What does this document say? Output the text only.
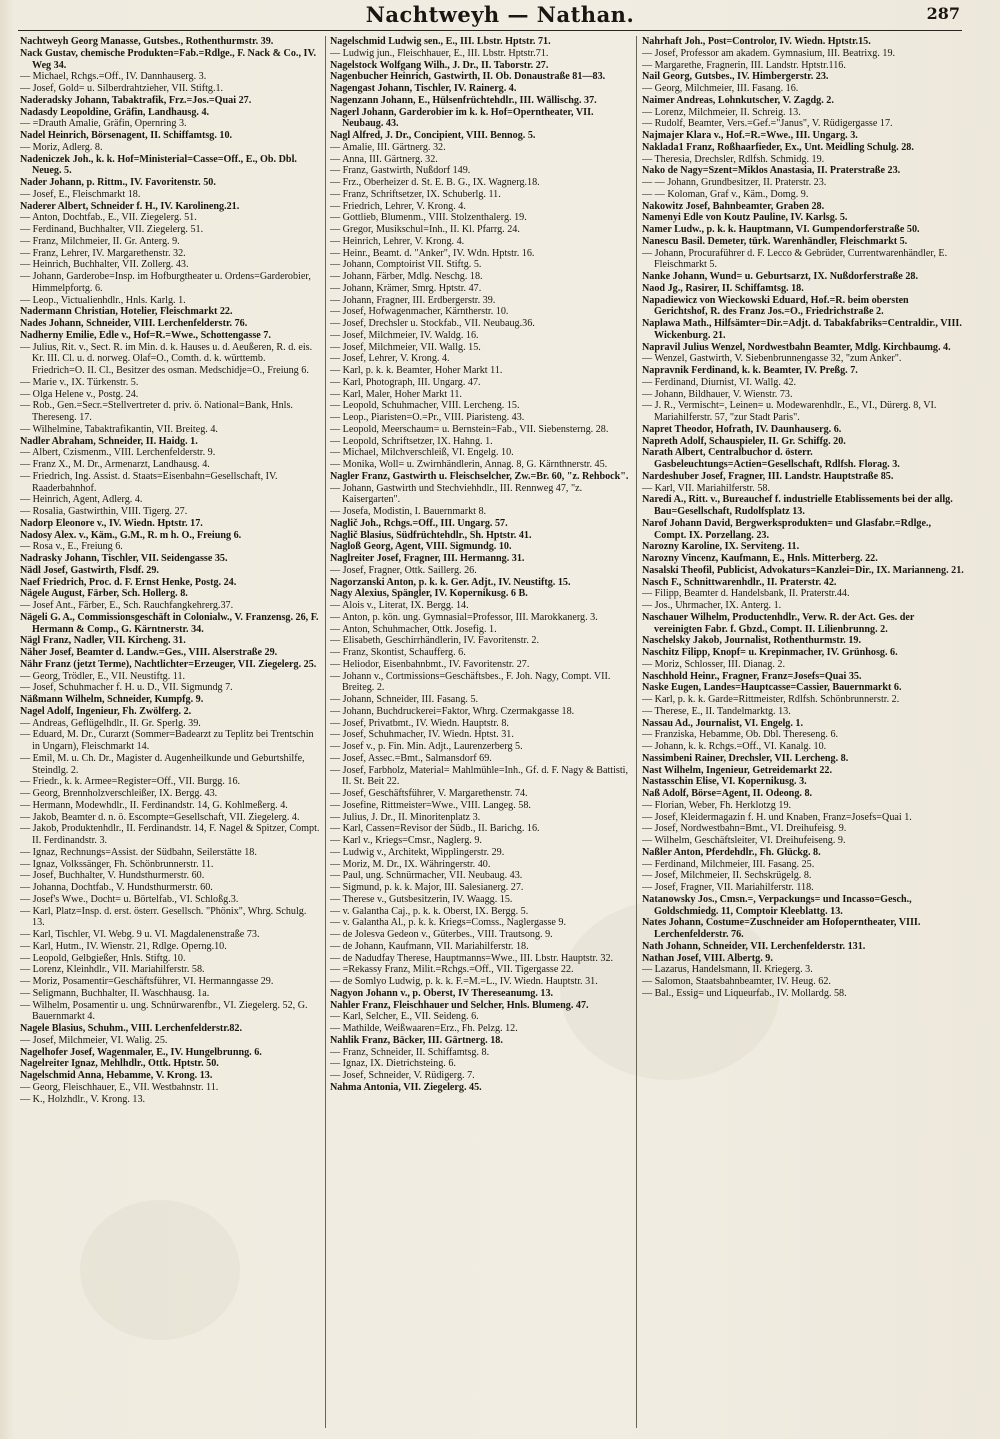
Nachtweyh — Nathan.	287

Nachtweyh Georg Manasse, Gutsbes., Rothenthurmstr. 39.

Nack Gustav, chemische Produkten=Fab.=Rdlge., F. Nack & Co., IV. Weg 34.

— Michael, Rchgs.=Off., IV. Dannhauserg. 3.

— Josef, Gold= u. Silberdrahtzieher, VII. Stiftg.1.

Naderadsky Johann, Tabaktrafik, Frz.=Jos.=Quai 27.

Nadasdy Leopoldine, Gräfin, Landhausg. 4.

— =Drauth Amalie, Gräfin, Opernring 3.

Nadel Heinrich, Börsenagent, II. Schiffamtsg. 10.

— Moriz, Adlerg. 8.

Nadeniczek Joh., k. k. Hof=Ministerial=Casse=Off., E., Ob. Dbl. Neueg. 5.

Nader Johann, p. Rittm., IV. Favoritenstr. 50.

— Josef, E., Fleischmarkt 18.

Naderer Albert, Schneider f. H., IV. Karolineng.21.

— Anton, Dochtfab., E., VII. Ziegelerg. 51.

— Ferdinand, Buchhalter, VII. Ziegelerg. 51.

— Franz, Milchmeier, II. Gr. Anterg. 9.

— Franz, Lehrer, IV. Margarethenstr. 32.

— Heinrich, Buchhalter, VII. Zollerg. 43.

— Johann, Garderobe=Insp. im Hofburgtheater u. Ordens=Garderobier, Himmelpfortg. 6.

— Leop., Victualienhdlr., Hnls. Karlg. 1.

Nadermann Christian, Hotelier, Fleischmarkt 22.

Nades Johann, Schneider, VIII. Lerchenfelderstr. 76.

Nadherny Emilie, Edle v., Hof=R.=Wwe., Schottengasse 7.

— Julius, Rit. v., Sect. R. im Min. d. k. Hauses u. d. Aeußeren, R. d. eis. Kr. III. Cl. u. d. norweg. Olaf=O., Comth. d. k. württemb. Friedrich=O. II. Cl., Besitzer des osman. Medschidje=O., Freiung 6.

— Marie v., IX. Türkenstr. 5.

— Olga Helene v., Postg. 24.

— Rob., Gen.=Secr.=Stellvertreter d. priv. ö. National=Bank, Hnls. Thereseng. 17.

— Wilhelmine, Tabaktrafikantin, VII. Breiteg. 4.

Nadler Abraham, Schneider, II. Haidg. 1.

— Albert, Czismenm., VIII. Lerchenfelderstr. 9.

— Franz X., M. Dr., Armenarzt, Landhausg. 4.

— Friedrich, Ing. Assist. d. Staats=Eisenbahn=Gesellschaft, IV. Raaderbahnhof.

— Heinrich, Agent, Adlerg. 4.

— Rosalia, Gastwirthin, VIII. Tigerg. 27.

Nadorp Eleonore v., IV. Wiedn. Hptstr. 17.

Nadosy Alex. v., Käm., G.M., R. m h. O., Freiung 6.

— Rosa v., E., Freiung 6.

Nadrasky Johann, Tischler, VII. Seidengasse 35.

Nädl Josef, Gastwirth, Flsdf. 29.

Naef Friedrich, Proc. d. F. Ernst Henke, Postg. 24.

Nägele August, Färber, Sch. Hollerg. 8.

— Josef Ant., Färber, E., Sch. Rauchfangkehrerg.37.

Nägeli G. A., Commissionsgeschäft in Colonialw., V. Franzensg. 26, F. Hermann & Comp., G. Kärntnerstr. 34.

Nägl Franz, Nadler, VII. Kircheng. 31.

Näher Josef, Beamter d. Landw.=Ges., VIII. Alserstraße 29.

Nähr Franz (jetzt Terme), Nachtlichter=Erzeuger, VII. Ziegelerg. 25.

— Georg, Trödler, E., VII. Neustiftg. 11.

— Josef, Schuhmacher f. H. u. D., VII. Sigmundg 7.

Näßmann Wilhelm, Schneider, Kumpfg. 9.

Nagel Adolf, Ingenieur, Fh. Zwölferg. 2.

— Andreas, Geflügelhdlr., II. Gr. Sperlg. 39.

— Eduard, M. Dr., Curarzt (Sommer=Badearzt zu Teplitz bei Trentschin in Ungarn), Fleischmarkt 14.

— Emil, M. u. Ch. Dr., Magister d. Augenheilkunde und Geburtshilfe, Steindlg. 2.

— Friedr., k. k. Armee=Register=Off., VII. Burgg. 16.

— Georg, Brennholzverschleißer, IX. Bergg. 43.

— Hermann, Modewhdlr., II. Ferdinandstr. 14, G. Kohlmeßerg. 4.

— Jakob, Beamter d. n. ö. Escompte=Gesellschaft, VII. Ziegelerg. 4.

— Jakob, Produktenhdlr., II. Ferdinandstr. 14, F. Nagel & Spitzer, Compt. II. Ferdinandstr. 3.

— Ignaz, Rechnungs=Assist. der Südbahn, Seilerstätte 18.

— Ignaz, Volkssänger, Fh. Schönbrunnerstr. 11.

— Josef, Buchhalter, V. Hundsthurmerstr. 60.

— Johanna, Dochtfab., V. Hundsthurmerstr. 60.

— Josef's Wwe., Docht= u. Börtelfab., VI. Schloßg.3.

— Karl, Platz=Insp. d. erst. österr. Gesellsch. "Phönix", Whrg. Schulg. 13.

— Karl, Tischler, VI. Webg. 9 u. VI. Magdalenenstraße 73.

— Karl, Hutm., IV. Wienstr. 21, Rdlge. Operng.10.

— Leopold, Gelbgießer, Hnls. Stiftg. 10.

— Lorenz, Kleinhdlr., VII. Mariahilferstr. 58.

— Moriz, Posamentir=Geschäftsführer, VI. Hermanngasse 29.

— Seligmann, Buchhalter, II. Waschhausg. 1a.

— Wilhelm, Posamentir u. ung. Schnürwarenfbr., VI. Ziegelerg. 52, G. Bauernmarkt 4.

Nagele Blasius, Schuhm., VIII. Lerchenfelderstr.82.

— Josef, Milchmeier, VI. Walig. 25.

Nagelhofer Josef, Wagenmaler, E., IV. Hungelbrunng. 6.

Nagelreiter Ignaz, Mehlhdlr., Ottk. Hptstr. 50.

Nagelschmid Anna, Hebamme, V. Krong. 13.

— Georg, Fleischhauer, E., VII. Westbahnstr. 11.

— K., Holzhdlr., V. Krong. 13.

Nagelschmid Ludwig sen., E., III. Lbstr. Hptstr. 71.

— Ludwig jun., Fleischhauer, E., III. Lbstr. Hptstr.71.

Nagelstock Wolfgang Wilh., J. Dr., II. Taborstr. 27.

Nagenbucher Heinrich, Gastwirth, II. Ob. Donaustraße 81—83.

Nagengast Johann, Tischler, IV. Rainerg. 4.

Nagenzann Johann, E., Hülsenfrüchtehdlr., III. Wällischg. 37.

Nagerl Johann, Garderobier im k. k. Hof=Operntheater, VII. Neubaug. 43.

Nagl Alfred, J. Dr., Concipient, VIII. Bennog. 5.

— Amalie, III. Gärtnerg. 32.

— Anna, III. Gärtnerg. 32.

— Franz, Gastwirth, Nußdorf 149.

— Frz., Oberheizer d. St. E. B. G., IX. Wagnerg.18.

— Franz, Schriftsetzer, IX. Schuberlg. 11.

— Friedrich, Lehrer, V. Krong. 4.

— Gottlieb, Blumenm., VIII. Stolzenthalerg. 19.

— Gregor, Musikschul=Inh., II. Kl. Pfarrg. 24.

— Heinrich, Lehrer, V. Krong. 4.

— Heinr., Beamt. d. "Anker", IV. Wdn. Hptstr. 16.

— Johann, Comptoirist VII. Stiftg. 5.

— Johann, Färber, Mdlg. Neschg. 18.

— Johann, Krämer, Smrg. Hptstr. 47.

— Johann, Fragner, III. Erdbergerstr. 39.

— Josef, Hofwagenmacher, Kärntherstr. 10.

— Josef, Drechsler u. Stockfab., VII. Neubaug.36.

— Josef, Milchmeier, IV. Waldg. 16.

— Josef, Milchmeier, VII. Wallg. 15.

— Josef, Lehrer, V. Krong. 4.

— Karl, p. k. k. Beamter, Hoher Markt 11.

— Karl, Photograph, III. Ungarg. 47.

— Karl, Maler, Hoher Markt 11.

— Leopold, Schuhmacher, VIII. Lercheng. 15.

— Leop., Piaristen=O.=Pr., VIII. Piaristeng. 43.

— Leopold, Meerschaum= u. Bernstein=Fab., VII. Siebensterng. 28.

— Leopold, Schriftsetzer, IX. Hahng. 1.

— Michael, Milchverschleiß, VI. Engelg. 10.

— Monika, Woll= u. Zwirnhändlerin, Annag. 8, G. Kärnthnerstr. 45.

Nagler Franz, Gastwirth u. Fleischselcher, Zw.=Br. 60, "z. Rehbock".

— Johann, Gastwirth und Stechviehhdlr., III. Rennweg 47, "z. Kaisergarten".

— Josefa, Modistin, I. Bauernmarkt 8.

Naglič Joh., Rchgs.=Off., III. Ungarg. 57.

Naglič Blasius, Südfrüchtehdlr., Sh. Hptstr. 41.

Nagloß Georg, Agent, VIII. Sigmundg. 10.

Naglreiter Josef, Fragner, III. Hermanng. 31.

— Josef, Fragner, Ottk. Saillerg. 26.

Nagorzanski Anton, p. k. k. Ger. Adjt., IV. Neustiftg. 15.

Nagy Alexius, Spängler, IV. Kopernikusg. 6 B.

— Alois v., Literat, IX. Bergg. 14.

— Anton, p. kön. ung. Gymnasial=Professor, III. Marokkanerg. 3.

— Anton, Schuhmacher, Ottk. Josefig. 1.

— Elisabeth, Geschirrhändlerin, IV. Favoritenstr. 2.

— Franz, Skontist, Schaufferg. 6.

— Heliodor, Eisenbahnbmt., IV. Favoritenstr. 27.

— Johann v., Cortmissions=Geschäftsbes., F. Joh. Nagy, Compt. VII. Breiteg. 2.

— Johann, Schneider, III. Fasang. 5.

— Johann, Buchdruckerei=Faktor, Whrg. Czermakgasse 18.

— Josef, Privatbmt., IV. Wiedn. Hauptstr. 8.

— Josef, Schuhmacher, IV. Wiedn. Hptst. 31.

— Josef v., p. Fin. Min. Adjt., Laurenzerberg 5.

— Josef, Assec.=Bmt., Salmansdorf 69.

— Josef, Farbholz, Material= Mahlmühle=Inh., Gf. d. F. Nagy & Battisti, II. St. Beit 22.

— Josef, Geschäftsführer, V. Margarethenstr. 74.

— Josefine, Rittmeister=Wwe., VIII. Langeg. 58.

— Julius, J. Dr., II. Minoritenplatz 3.

— Karl, Cassen=Revisor der Südb., II. Barichg. 16.

— Karl v., Kriegs=Cmsr., Naglerg. 9.

— Ludwig v., Architekt, Wipplingerstr. 29.

— Moriz, M. Dr., IX. Währingerstr. 40.

— Paul, ung. Schnürmacher, VII. Neubaug. 43.

— Sigmund, p. k. k. Major, III. Salesianerg. 27.

— Therese v., Gutsbesitzerin, IV. Waagg. 15.

— v. Galantha Caj., p. k. k. Oberst, IX. Bergg. 5.

— v. Galantha Al., p. k. k. Kriegs=Comss., Naglergasse 9.

— de Jolesva Gedeon v., Güterbes., VIII. Trautsong. 9.

— de Johann, Kaufmann, VII. Mariahilferstr. 18.

— de Nadudfay Therese, Hauptmanns=Wwe., III. Lbstr. Hauptstr. 32.

— =Rekassy Franz, Milit.=Rchgs.=Off., VII. Tigergasse 22.

— de Somlyo Ludwig, p. k. k. F.=M.=L., IV. Wiedn. Hauptstr. 31.

Nagyon Johann v., p. Oberst, IV Thereseanumg. 13.

Nahler Franz, Fleischhauer und Selcher, Hnls. Blumeng. 47.

— Karl, Selcher, E., VII. Seideng. 6.

— Mathilde, Weißwaaren=Erz., Fh. Pelzg. 12.

Nahlik Franz, Bäcker, III. Gärtnerg. 18.

— Franz, Schneider, II. Schiffamtsg. 8.

— Ignaz, IX. Dietrichsteing. 6.

— Josef, Schneider, V. Rüdigerg. 7.

Nahma Antonia, VII. Ziegelerg. 45.

Nahrhaft Joh., Post=Controlor, IV. Wiedn. Hptstr.15.

— Josef, Professor am akadem. Gymnasium, III. Beatrixg. 19.

— Margarethe, Fragnerin, III. Landstr. Hptstr.116.

Nail Georg, Gutsbes., IV. Himbergerstr. 23.

— Georg, Milchmeier, III. Fasang. 16.

Naimer Andreas, Lohnkutscher, V. Zagdg. 2.

— Lorenz, Milchmeier, II. Schreig. 13.

— Rudolf, Beamter, Vers.=Gef.="Janus", V. Rüdigergasse 17.

Najmajer Klara v., Hof.=R.=Wwe., III. Ungarg. 3.

Naklada1 Franz, Roßhaarfieder, Ex., Unt. Meidling Schulg. 28.

— Theresia, Drechsler, Rdlfsh. Schmidg. 19.

Nako de Nagy=Szent=Miklos Anastasia, II. Praterstraße 23.

— — Johann, Grundbesitzer, II. Praterstr. 23.

— — Koloman, Graf v., Käm., Domg. 9.

Nakowitz Josef, Bahnbeamter, Graben 28.

Namenyi Edle von Koutz Pauline, IV. Karlsg. 5.

Namer Ludw., p. k. k. Hauptmann, VI. Gumpendorferstraße 50.

Nanescu Basil. Demeter, türk. Warenhändler, Fleischmarkt 5.

— Johann, Procuraführer d. F. Lecco & Gebrüder, Currentwarenhändler, E. Fleischmarkt 5.

Nanke Johann, Wund= u. Geburtsarzt, IX. Nußdorferstraße 28.

Naod Jg., Rasirer, II. Schiffamtsg. 18.

Napadiewicz von Wieckowski Eduard, Hof.=R. beim obersten Gerichtshof, R. des Franz Jos.=O., Friedrichstraße 2.

Naplawa Math., Hilfsämter=Dir.=Adjt. d. Tabakfabriks=Centraldir., VIII. Wickenburg. 21.

Napravil Julius Wenzel, Nordwestbahn Beamter, Mdlg. Kirchbaumg. 4.

— Wenzel, Gastwirth, V. Siebenbrunnengasse 32, "zum Anker".

Napravnik Ferdinand, k. k. Beamter, IV. Preßg. 7.

— Ferdinand, Diurnist, VI. Wallg. 42.

— Johann, Bildhauer, V. Wienstr. 73.

— J. R., Vermischt=, Leinen= u. Modewarenhdlr., E., VI., Dürerg. 8, VI. Mariahilferstr. 57, "zur Stadt Paris".

Napret Theodor, Hofrath, IV. Daunhauserg. 6.

Napreth Adolf, Schauspieler, II. Gr. Schiffg. 20.

Narath Albert, Centralbuchor d. österr. Gasbeleuchtungs=Actien=Gesellschaft, Rdlfsh. Florag. 3.

Nardeshuber Josef, Fragner, III. Landstr. Hauptstraße 85.

— Karl, VII. Mariahilferstr. 58.

Naredi A., Ritt. v., Bureauchef f. industrielle Etablissements bei der allg. Bau=Gesellschaft, Rudolfsplatz 13.

Narof Johann David, Bergwerksprodukten= und Glasfabr.=Rdlge., Compt. IX. Porzellang. 23.

Narozny Karoline, IX. Serviteng. 11.

Narozny Vincenz, Kaufmann, E., Hnls. Mitterberg. 22.

Nasalski Theofil, Publicist, Advokaturs=Kanzlei=Dir., IX. Marianneng. 21.

Nasch F., Schnittwarenhdlr., II. Praterstr. 42.

— Filipp, Beamter d. Handelsbank, II. Praterstr.44.

— Jos., Uhrmacher, IX. Anterg. 1.

Naschauer Wilhelm, Productenhdlr., Verw. R. der Act. Ges. der vereinigten Fabr. f. Gbzd., Compt. II. Lilienbrunng. 2.

Naschelsky Jakob, Journalist, Rothenthurmstr. 19.

Naschitz Filipp, Knopf= u. Krepinmacher, IV. Grünhosg. 6.

— Moriz, Schlosser, III. Dianag. 2.

Naschhold Heinr., Fragner, Franz=Josefs=Quai 35.

Naske Eugen, Landes=Hauptcasse=Cassier, Bauernmarkt 6.

— Karl, p. k. k. Garde=Rittmeister, Rdlfsh. Schönbrunnerstr. 2.

— Therese, E., II. Tandelmarktg. 13.

Nassau Ad., Journalist, VI. Engelg. 1.

— Franziska, Hebamme, Ob. Dbl. Thereseng. 6.

— Johann, k. k. Rchgs.=Off., VI. Kanalg. 10.

Nassimbeni Rainer, Drechsler, VII. Lercheng. 8.

Nast Wilhelm, Ingenieur, Getreidemarkt 22.

Nastasschin Elise, VI. Kopernikusg. 3.

Naß Adolf, Börse=Agent, II. Odeong. 8.

— Florian, Weber, Fh. Herklotzg 19.

— Josef, Kleidermagazin f. H. und Knaben, Franz=Josefs=Quai 1.

— Josef, Nordwestbahn=Bmt., VI. Dreihufeisg. 9.

— Wilhelm, Geschäftsleiter, VI. Dreihufeiseng. 9.

Naßler Anton, Pferdehdlr., Fh. Glückg. 8.

— Ferdinand, Milchmeier, III. Fasang. 25.

— Josef, Milchmeier, II. Sechskrügelg. 8.

— Josef, Fragner, VII. Mariahilferstr. 118.

Natanowsky Jos., Cmsn.=, Verpackungs= und Incasso=Gesch., Goldschmiedg. 11, Comptoir Kleeblattg. 13.

Nates Johann, Costume=Zuschneider am Hofoperntheater, VIII. Lerchenfelderstr. 76.

Nath Johann, Schneider, VII. Lerchenfelderstr. 131.

Nathan Josef, VIII. Albertg. 9.

— Lazarus, Handelsmann, II. Kriegerg. 3.

— Salomon, Staatsbahnbeamter, IV. Heug. 62.

— Bal., Essig= und Liqueurfab., IV. Mollardg. 58.
